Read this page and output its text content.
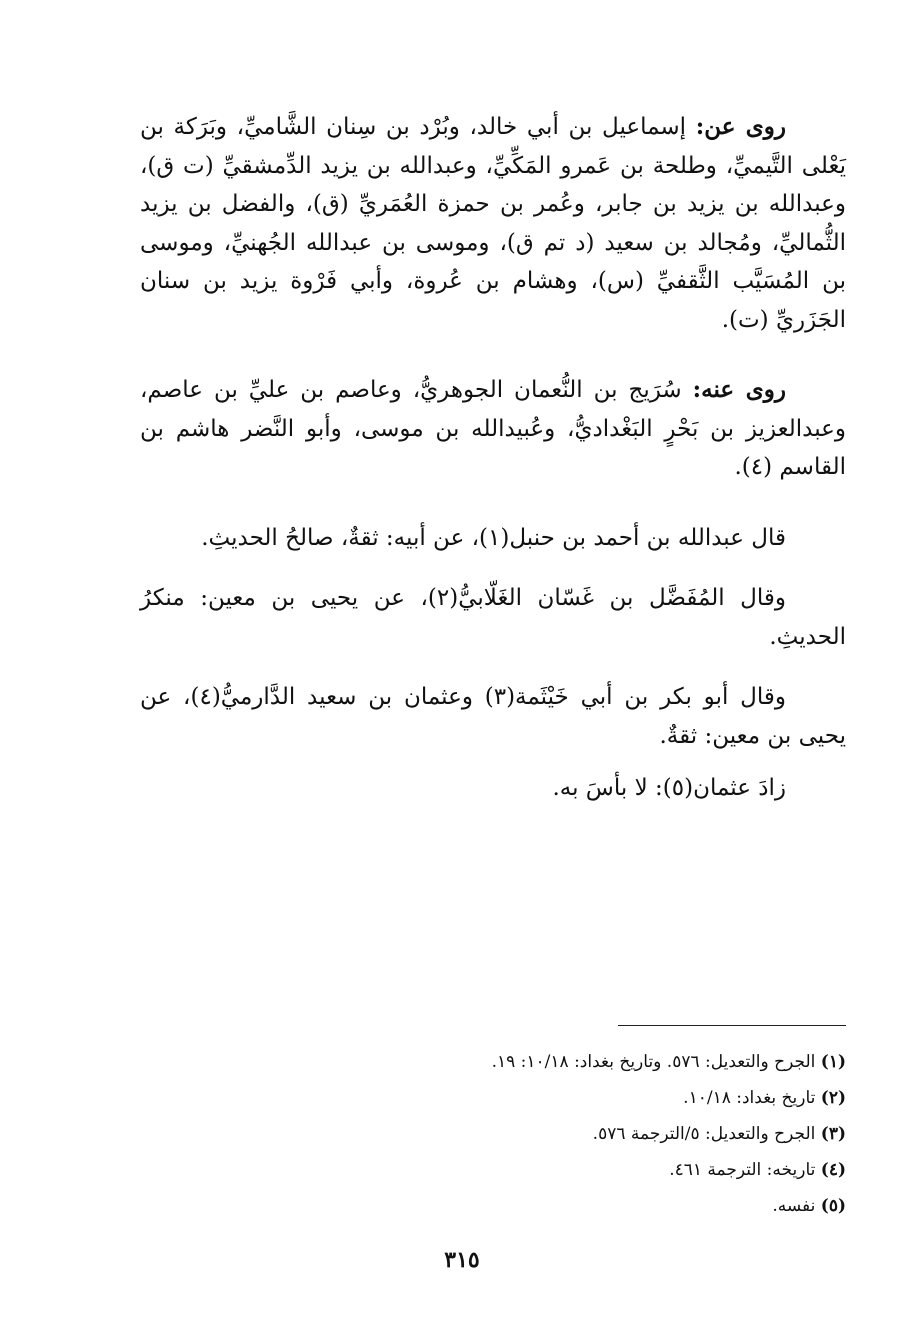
روى عن: إسماعيل بن أبي خالد، وبُرْد بن سِنان الشَّاميِّ، وبَرَكة بن يَعْلى التَّيميِّ، وطلحة بن عَمرو المَكِّيِّ، وعبدالله بن يزيد الدِّمشقيِّ (ت ق)، وعبدالله بن يزيد بن جابر، وعُمر بن حمزة العُمَريِّ (ق)، والفضل بن يزيد الثُّماليِّ، ومُجالد بن سعيد (د تم ق)، وموسى بن عبدالله الجُهنيِّ، وموسى بن المُسَيَّب الثَّقفيِّ (س)، وهشام بن عُروة، وأبي فَرْوة يزيد بن سنان الجَزَريِّ (ت).

روى عنه: سُرَيج بن النُّعمان الجوهريُّ، وعاصم بن عليِّ بن عاصم، وعبدالعزيز بن بَحْرٍ البَغْداديُّ، وعُبيدالله بن موسى، وأبو النَّضر هاشم بن القاسم (٤).

قال عبدالله بن أحمد بن حنبل(١)، عن أبيه: ثقةٌ، صالحُ الحديثِ.

وقال المُفَضَّل بن غَسّان الغَلّابيُّ(٢)، عن يحيى بن معين: منكرُ الحديثِ.

وقال أبو بكر بن أبي خَيْثَمة(٣) وعثمان بن سعيد الدَّارميُّ(٤)، عن يحيى بن معين: ثقةٌ.

زادَ عثمان(٥): لا بأسَ به.

(١) الجرح والتعديل: ٥٧٦. وتاريخ بغداد: ١٠/١٨: ١٩.

(٢) تاريخ بغداد: ١٠/١٨.

(٣) الجرح والتعديل: ٥/الترجمة ٥٧٦.

(٤) تاريخه: الترجمة ٤٦١.

(٥) نفسه.

٣١٥
